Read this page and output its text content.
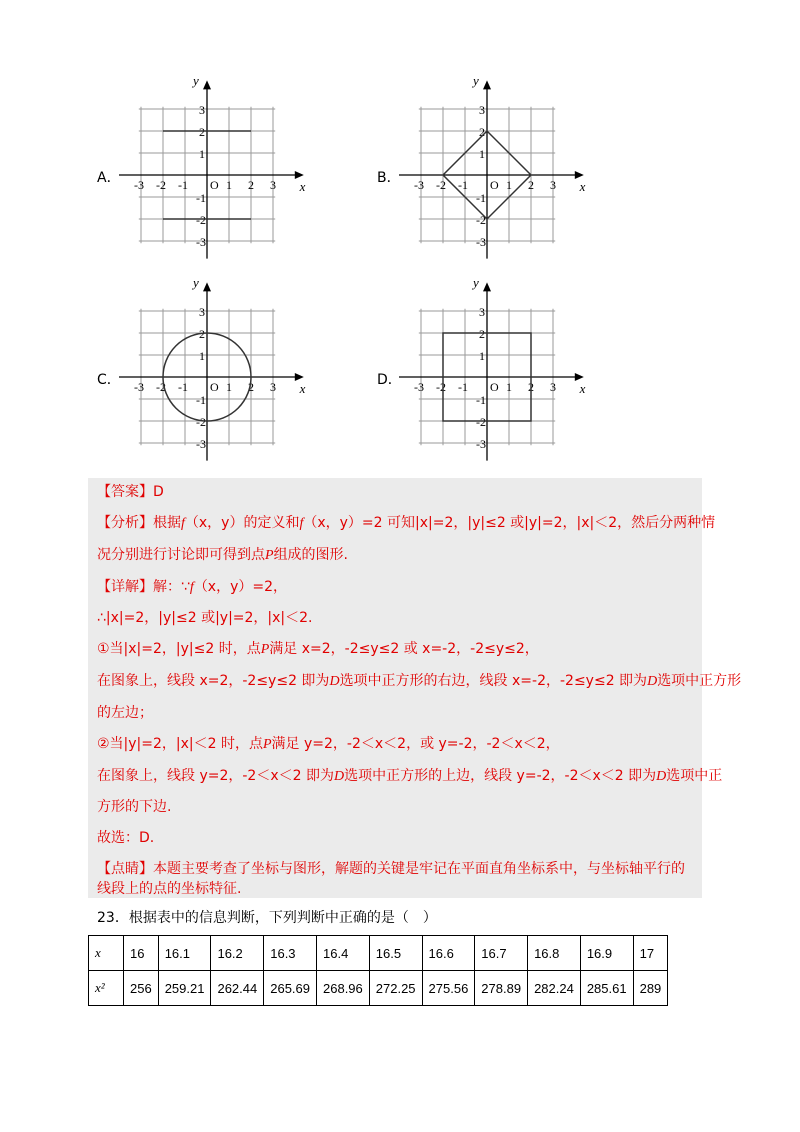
A．	B．
C．	D．
x
y
-3 -2 -1	1 2 3
O
3
2
1
-1
-2
-3
x
y
-3 -2 -1	1 2 3
O
3
2
1
-1
-2
-3
x
y
-3 -2 -1	1 2 3
O
3
2
1
-1
-2
-3
x
y
-3 -2 -1	1 2 3
O
3
2
1
-1
-2
-3
【答案】D
【分析】根据f（x，y）的定义和f（x，y）=2 可知|x|=2，|y|≤2 或|y|=2，|x|＜2，然后分两种情
况分别进行讨论即可得到点P组成的图形.
【详解】解：∵f（x，y）=2，
∴|x|=2，|y|≤2 或|y|=2，|x|＜2.
①当|x|=2，|y|≤2 时，点P满足 x=2，-2≤y≤2 或 x=-2，-2≤y≤2，
在图象上，线段 x=2，-2≤y≤2 即为D选项中正方形的右边，线段 x=-2，-2≤y≤2 即为D选项中正方形
的左边；
②当|y|=2，|x|＜2 时，点P满足 y=2，-2＜x＜2，或 y=-2，-2＜x＜2，
在图象上，线段 y=2，-2＜x＜2 即为D选项中正方形的上边，线段 y=-2，-2＜x＜2 即为D选项中正
方形的下边.
故选：D.
【点睛】本题主要考查了坐标与图形，解题的关键是牢记在平面直角坐标系中，与坐标轴平行的
线段上的点的坐标特征.
23．根据表中的信息判断，下列判断中正确的是（　）
x	16	16.1	16.2	16.3	16.4	16.5	16.6	16.7	16.8	16.9	17
x²	256	259.21	262.44	265.69	268.96	272.25	275.56	278.89	282.24	285.61	289
